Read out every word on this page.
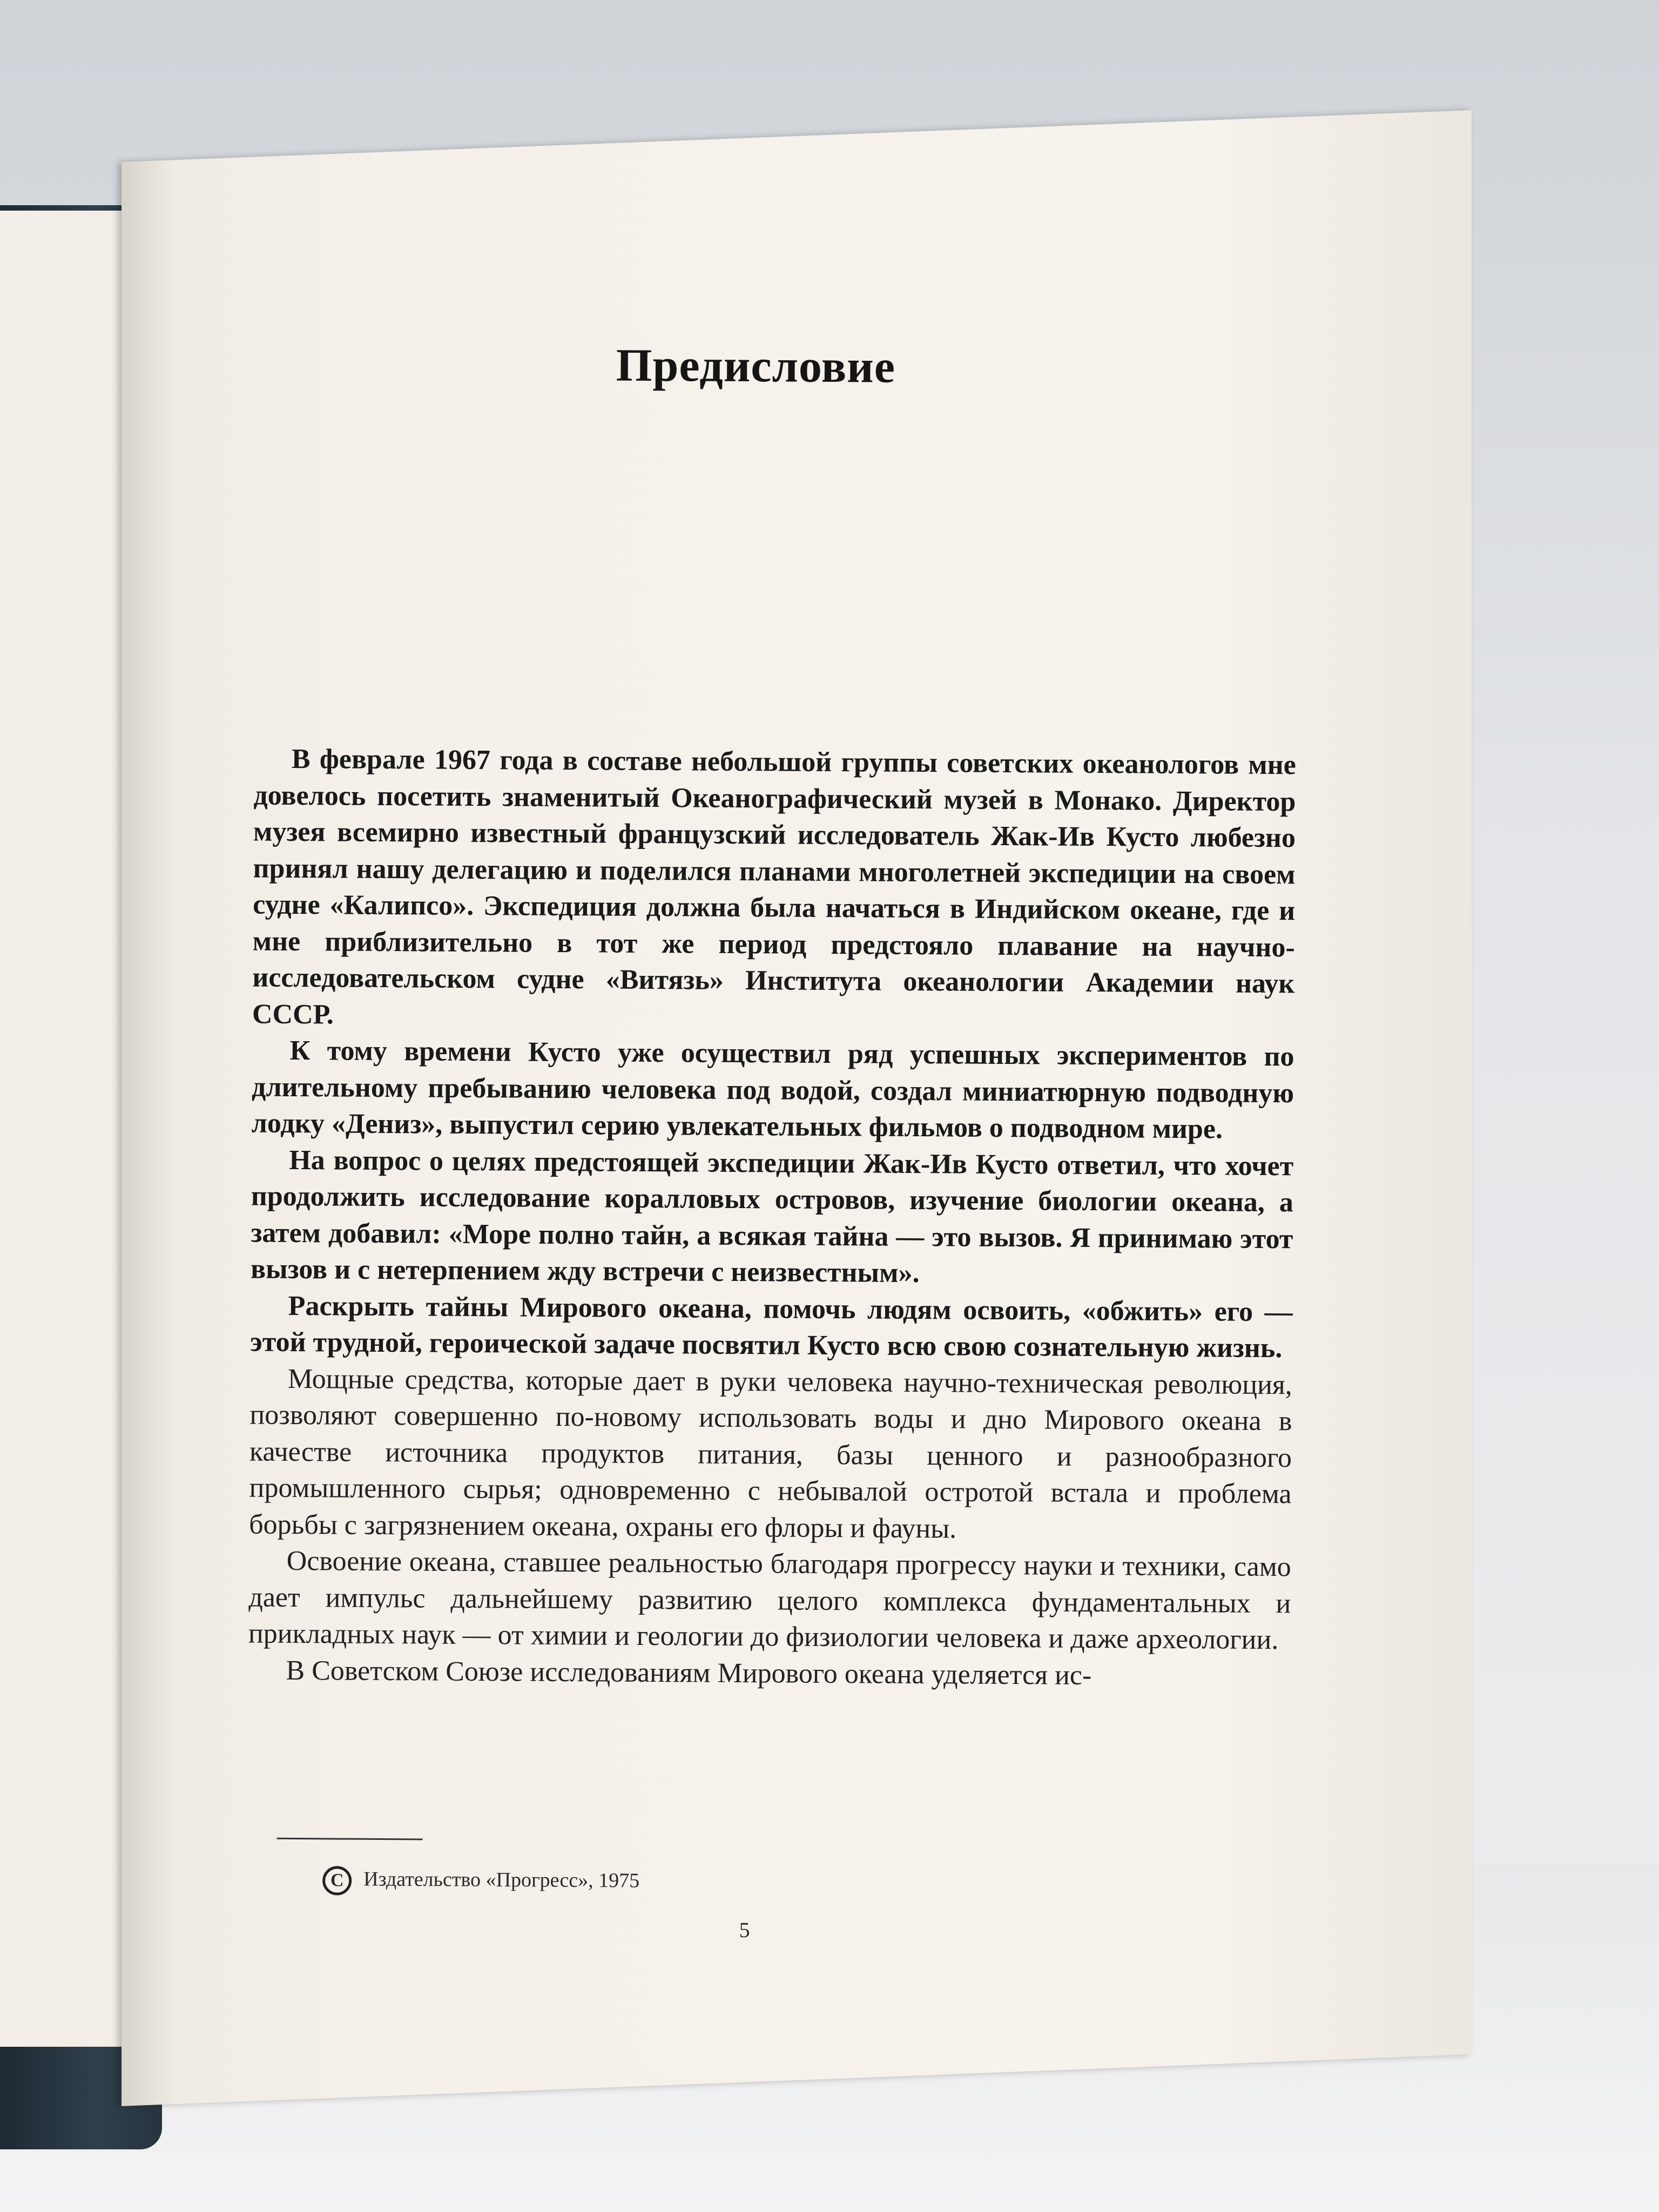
Предисловие

В феврале 1967 года в составе небольшой группы советских океанологов мне довелось посетить знаменитый Океанографический музей в Монако. Директор музея всемирно известный французский исследователь Жак-Ив Кусто любезно принял нашу делегацию и поделился планами многолетней экспедиции на своем судне «Калипсо». Экспедиция должна была начаться в Индийском океане, где и мне приблизительно в тот же период предстояло плавание на научно-исследовательском судне «Витязь» Института океанологии Академии наук СССР.

К тому времени Кусто уже осуществил ряд успешных экспериментов по длительному пребыванию человека под водой, создал миниатюрную подводную лодку «Дениз», выпустил серию увлекательных фильмов о подводном мире.

На вопрос о целях предстоящей экспедиции Жак-Ив Кусто ответил, что хочет продолжить исследование коралловых островов, изучение биологии океана, а затем добавил: «Море полно тайн, а всякая тайна — это вызов. Я принимаю этот вызов и с нетерпением жду встречи с неизвестным».

Раскрыть тайны Мирового океана, помочь людям освоить, «обжить» его — этой трудной, героической задаче посвятил Кусто всю свою сознательную жизнь.

Мощные средства, которые дает в руки человека научно-техническая революция, позволяют совершенно по-новому использовать воды и дно Мирового океана в качестве источника продуктов питания, базы ценного и разнообразного промышленного сырья; одновременно с небывалой остротой встала и проблема борьбы с загрязнением океана, охраны его флоры и фауны.

Освоение океана, ставшее реальностью благодаря прогрессу науки и техники, само дает импульс дальнейшему развитию целого комплекса фундаментальных и прикладных наук — от химии и геологии до физиологии человека и даже археологии.

В Советском Союзе исследованиям Мирового океана уделяется ис-

C Издательство «Прогресс», 1975
5
